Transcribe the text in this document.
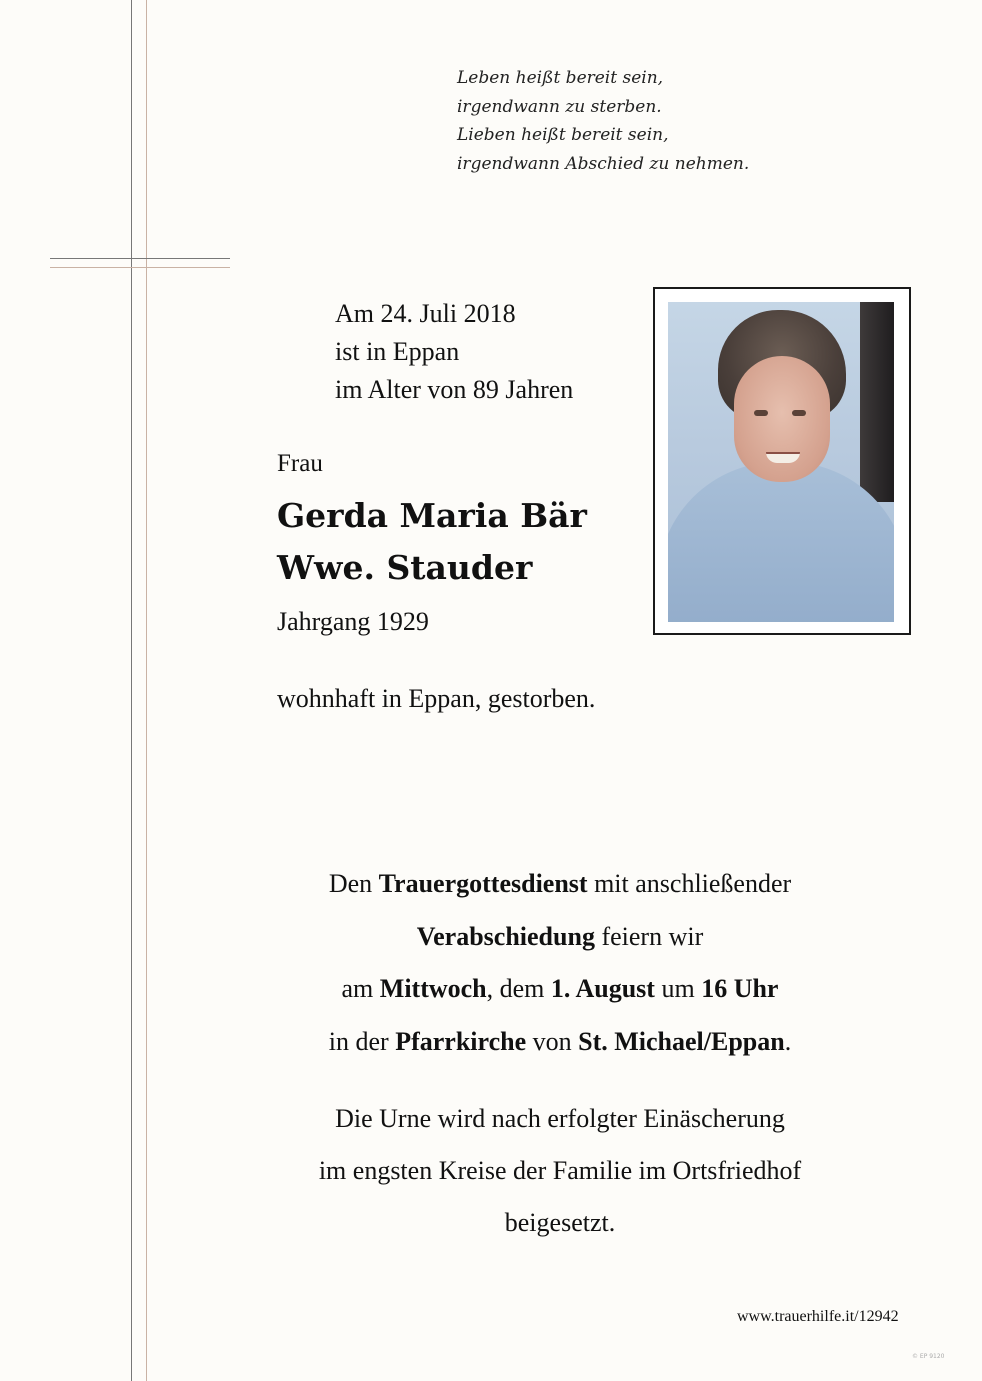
Leben heißt bereit sein,
irgendwann zu sterben.
Lieben heißt bereit sein,
irgendwann Abschied zu nehmen.
Am 24. Juli 2018
ist in Eppan
im Alter von 89 Jahren
Frau
Gerda Maria Bär
Wwe. Stauder
Jahrgang 1929
wohnhaft in Eppan, gestorben.
Den Trauergottesdienst mit anschließender
Verabschiedung feiern wir
am Mittwoch, dem 1. August um 16 Uhr
in der Pfarrkirche von St. Michael/Eppan.
Die Urne wird nach erfolgter Einäscherung
im engsten Kreise der Familie im Ortsfriedhof
beigesetzt.
www.trauerhilfe.it/12942
© EP 9120
